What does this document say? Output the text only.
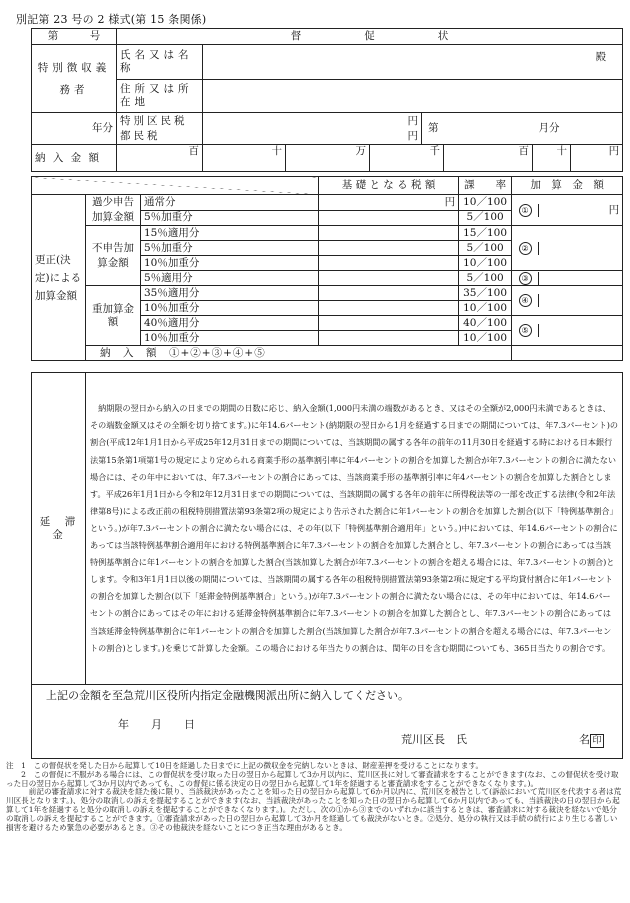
別記第 23 号の 2 様式(第 15 条関係)
第　　　号	督　　　　　　促　　　　　　状							
特別徴収義務者	氏名又は名称	殿						
	住所又は所在地							
年分	特別区民税
都民税	円
円			第 月分			
納 入 金 額	百	十	万	千		百	十	円
			基 礎 と な る 税 額	課　　率	加　算　金　額
更正(決定)による加算金額	過少申告加算金額	通常分	円	10／100	① 円

		5％加重分		5／100	
	不申告加算金額	15％適用分		15／100	②

		5％加重分		5／100	
		10％加重分		10／100	
		5％適用分		5／100	③

	重加算金額	35％適用分		35／100	④

		10％加重分		10／100	
		40％適用分		40／100	⑤

		10％加重分		10／100	
	納　入　額　①+②+③+④+⑤				
延　滞　金	

　納期限の翌日から納入の日までの期間の日数に応じ、納入金額(1,000円未満の端数があるとき、又はその全額が2,000円未満であるときは、その端数金額又はその全額を切り捨てます。)に年14.6パーセント(納期限の翌日から1月を経過する日までの期間については、年7.3パーセント)の割合(平成12年1月1日から平成25年12月31日までの期間については、当該期間の属する各年の前年の11月30日を経過する時における日本銀行法第15条第1項第1号の規定により定められる商業手形の基準割引率に年4パーセントの割合を加算した割合が年7.3パーセントの割合に満たない場合には、その年中においては、年7.3パーセントの割合にあっては、当該商業手形の基準割引率に年4パーセントの割合を加算した割合とします。平成26年1月1日から令和2年12月31日までの期間については、当該期間の属する各年の前年に所得税法等の一部を改正する法律(令和2年法律第8号)による改正前の租税特別措置法第93条第2項の規定により告示された割合に年1パーセントの割合を加算した割合(以下「特例基準割合」という。)が年7.3パーセントの割合に満たない場合には、その年(以下「特例基準割合適用年」という。)中においては、年14.6パーセントの割合にあっては当該特例基準割合適用年における特例基準割合に年7.3パーセントの割合を加算した割合とし、年7.3パーセントの割合にあっては当該特例基準割合に年1パーセントの割合を加算した割合(当該加算した割合が年7.3パーセントの割合を超える場合には、年7.3パーセントの割合)とします。令和3年1月1日以後の期間については、当該期間の属する各年の租税特別措置法第93条第2項に規定する平均貸付割合に年1パーセントの割合を加算した割合(以下「延滞金特例基準割合」という。)が年7.3パーセントの割合に満たない場合には、その年中においては、年14.6パーセントの割合にあってはその年における延滞金特例基準割合に年7.3パーセントの割合を加算した割合とし、年7.3パーセントの割合にあっては当該延滞金特例基準割合に年1パーセントの割合を加算した割合(当該加算した割合が年7.3パーセントの割合を超える場合には、年7.3パーセントの割合)とします。)を乗じて計算した金額。この場合における年当たりの割合は、閏年の日を含む期間についても、365日当たりの割合です。

上記の金額を至急荒川区役所内指定金融機関派出所に納入してください。
年　　月　　日
荒川区長　氏	名 印
注　1　この督促状を発した日から起算して10日を経過した日までに上記の徴収金を完納しないときは、財産差押を受けることになります。
　　2　この督促に不服がある場合には、この督促状を受け取った日の翌日から起算して3か月以内に、荒川区長に対して審査請求をすることができます(なお、この督促状を受け取った日の翌日から起算して3か月以内であっても、この督促に係る決定の日の翌日から起算して1年を経過すると審査請求をすることができなくなります。)。
　　　前記の審査請求に対する裁決を経た後に限り、当該裁決があったことを知った日の翌日から起算して6か月以内に、荒川区を被告として(訴訟において荒川区を代表する者は荒川区長となります。)、処分の取消しの訴えを提起することができます(なお、当該裁決があったことを知った日の翌日から起算して6か月以内であっても、当該裁決の日の翌日から起算して1年を経過すると処分の取消しの訴えを提起することができなくなります。)。ただし、次の①から③までのいずれかに該当するときは、審査請求に対する裁決を経ないで処分の取消しの訴えを提起することができます。①審査請求があった日の翌日から起算して3か月を経過しても裁決がないとき。②処分、処分の執行又は手続の続行により生じる著しい損害を避けるため緊急の必要があるとき。③その他裁決を経ないことにつき正当な理由があるとき。
